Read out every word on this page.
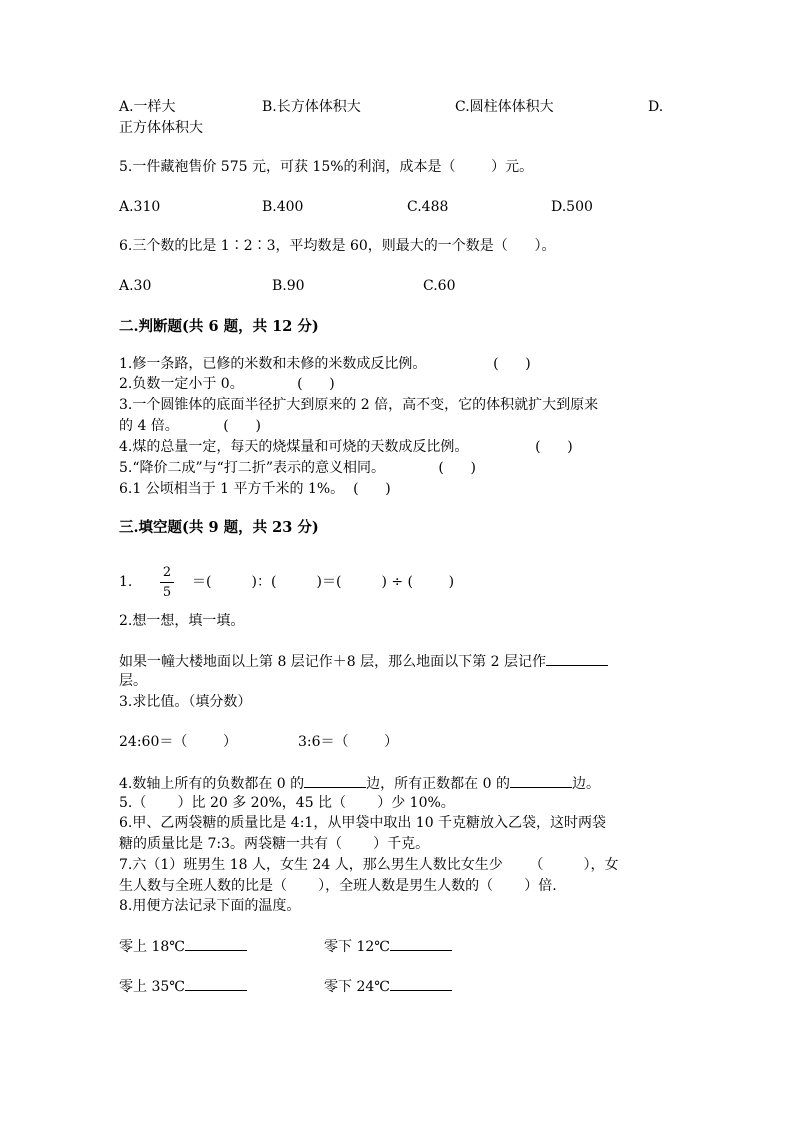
A.一样大	B.长方体体积大	C.圆柱体体积大	D.
正方体体积大
5.一件藏袍售价 575 元，可获 15%的利润，成本是（        ）元。
A.310	B.400	C.488	D.500
6.三个数的比是 1∶2∶3，平均数是 60，则最大的一个数是（      ）。
A.30	B.90	C.60
二.判断题(共 6 题，共 12 分)
1.修一条路，已修的米数和未修的米数成反比例。               (      )
2.负数一定小于 0。            (      )
3.一个圆锥体的底面半径扩大到原来的 2 倍，高不变，它的体积就扩大到原来
的 4 倍。          (      )
4.煤的总量一定，每天的烧煤量和可烧的天数成反比例。               (      )
5.“降价二成”与“打二折”表示的意义相同。            (      )
6.1 公顷相当于 1 平方千米的 1%。  (      )
三.填空题(共 9 题，共 23 分)
1.
2
5
＝(         )：(         )＝(         ) ÷ (        )
2.想一想，填一填。
如果一幢大楼地面以上第 8 层记作＋8 层，那么地面以下第 2 层记作
层。
3.求比值。（填分数）
24:60＝（        ）	3:6＝（        ）
4.数轴上所有的负数都在 0 的	边，所有正数都在 0 的	边。
5.（       ）比 20 多 20%，45 比（       ）少 10%。
6.甲、乙两袋糖的质量比是 4:1，从甲袋中取出 10 千克糖放入乙袋，这时两袋
糖的质量比是 7:3。两袋糖一共有（       ）千克。
7.六（1）班男生 18 人，女生 24 人，那么男生人数比女生少      （         ），女
生人数与全班人数的比是（       ），全班人数是男生人数的（       ）倍.
8.用便方法记录下面的温度。
零上 18℃	零下 12℃
零上 35℃	零下 24℃
